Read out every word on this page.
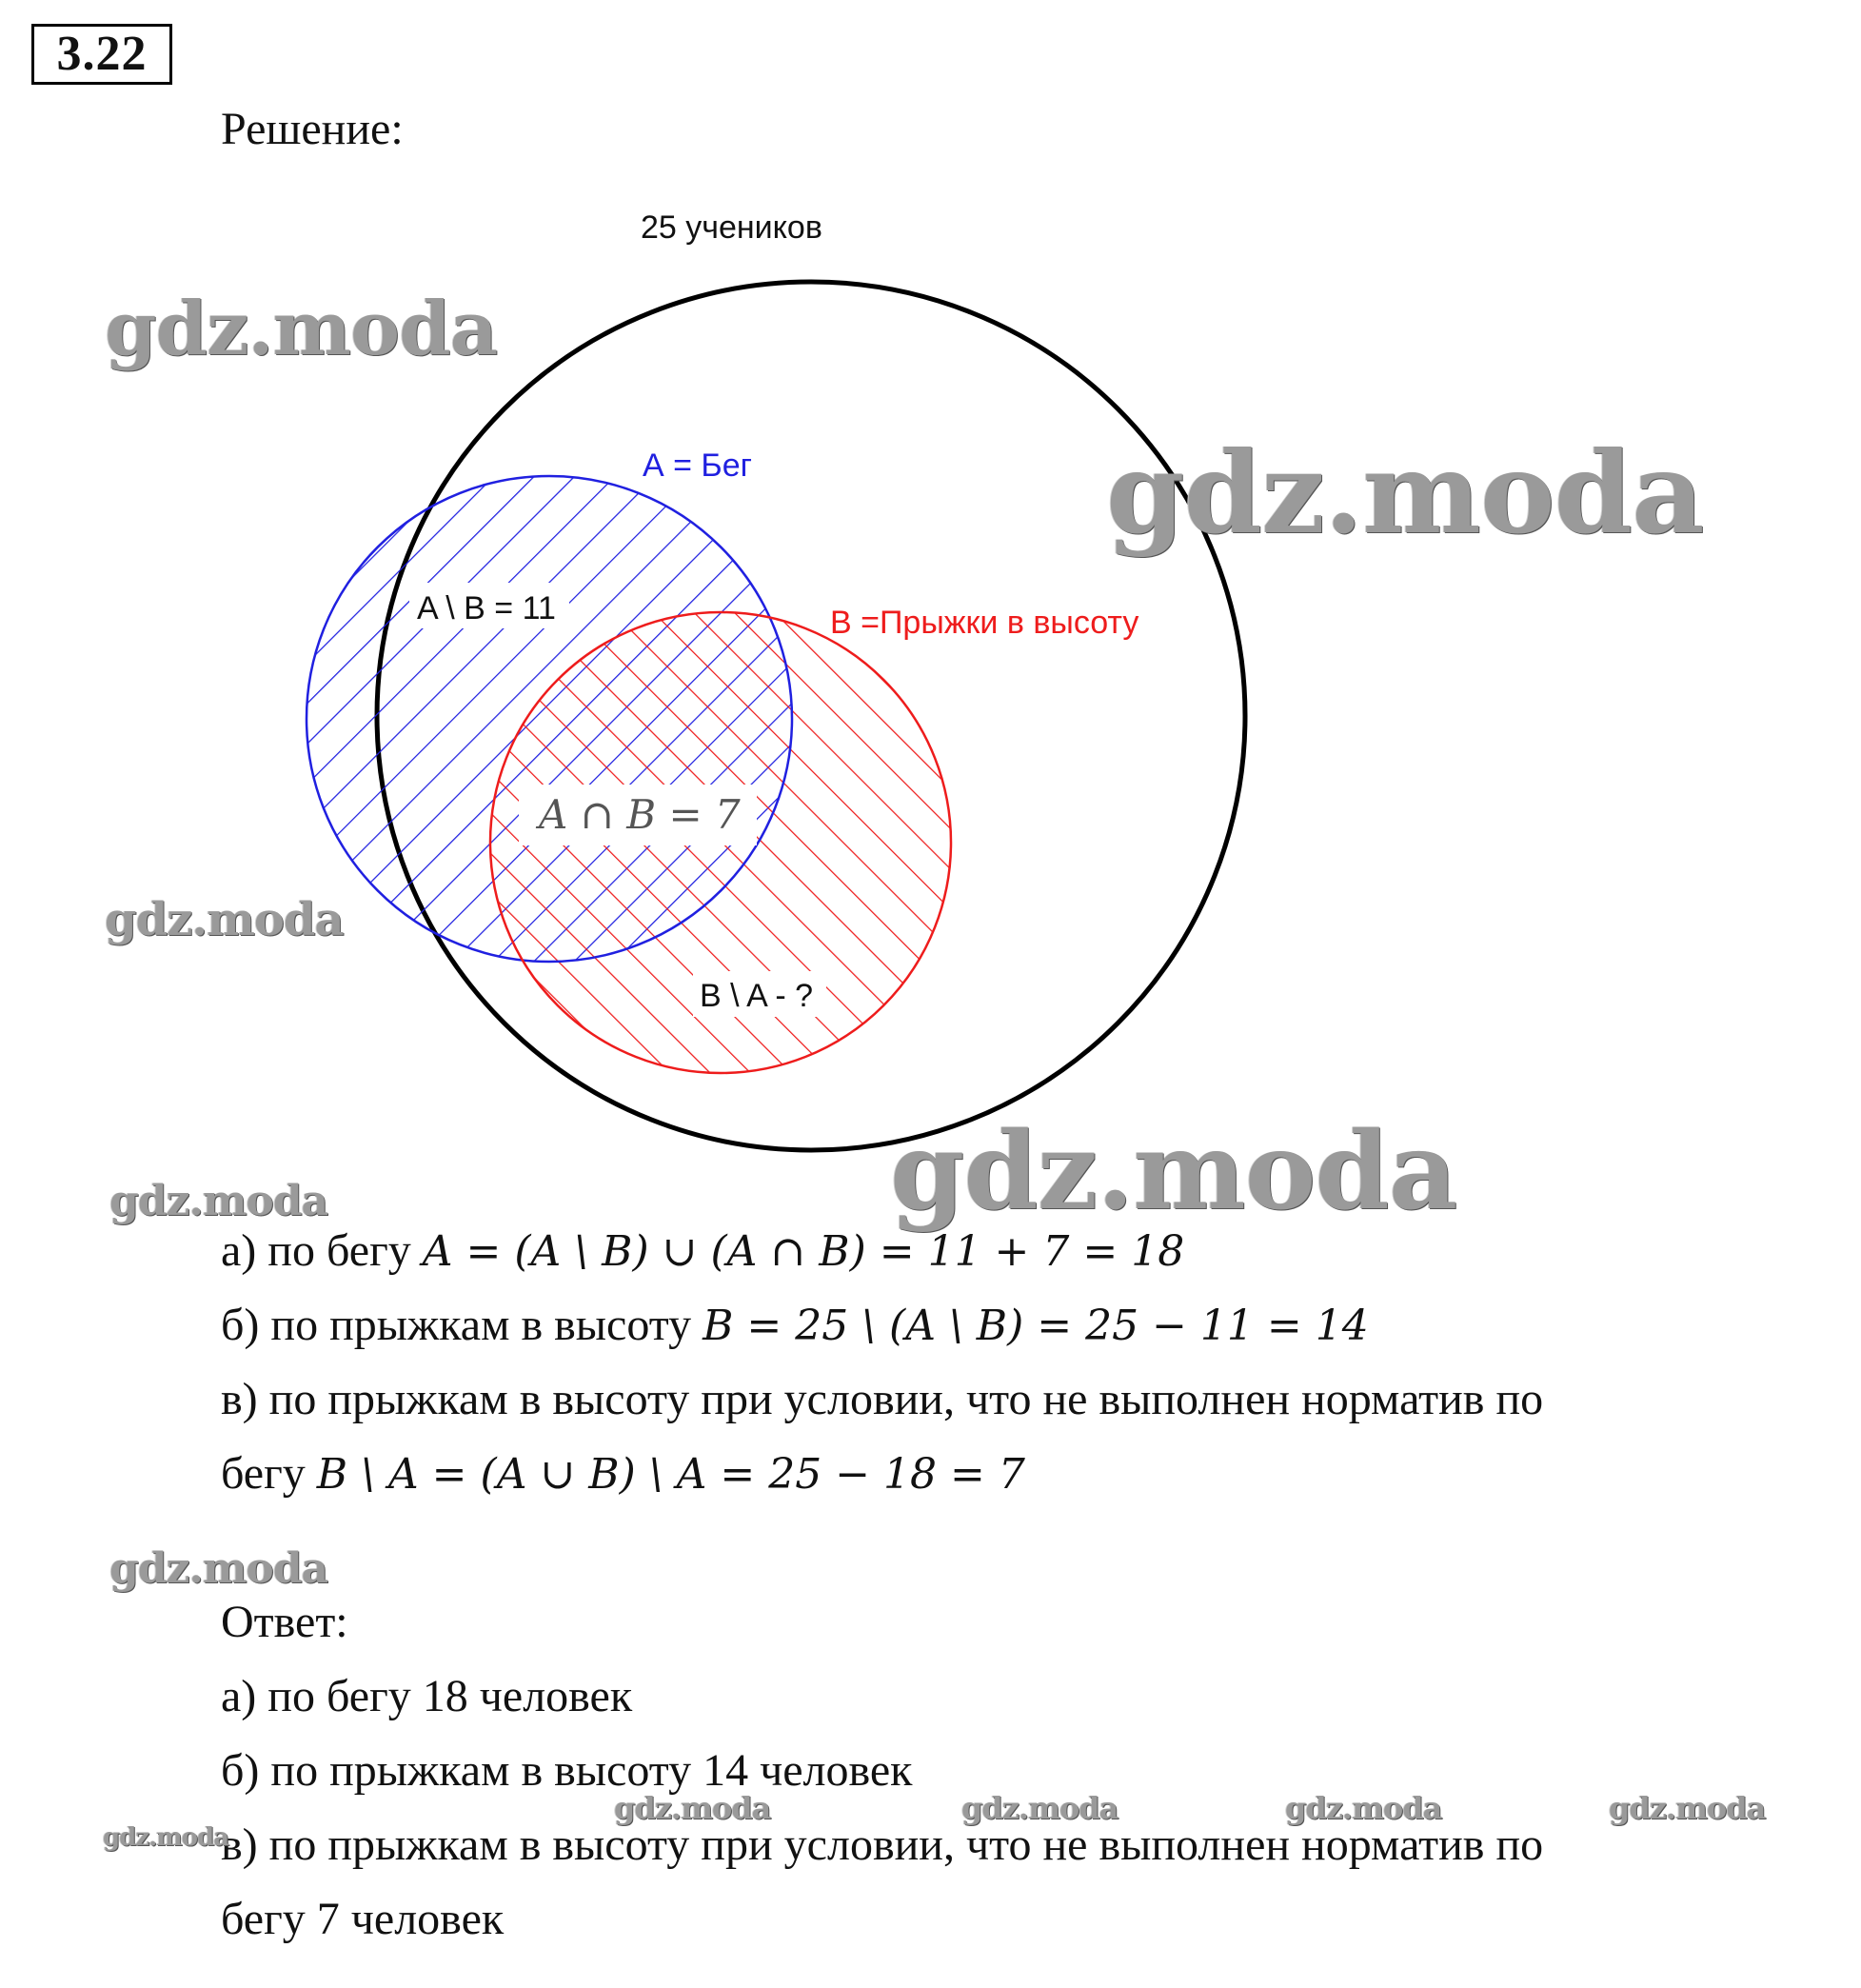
3.22
Решение:
25 учеников
А = Бег
В =Прыжки в высоту
A \ B = 11
A ∩ B = 7
B \ A - ?
а) по бегу A = (A \ B) ∪ (A ∩ B) = 11 + 7 = 18
б) по прыжкам в высоту B = 25 \ (A \ B) = 25 − 11 = 14
в) по прыжкам в высоту при условии, что не выполнен норматив по
бегу B \ A = (A ∪ B) \ A = 25 − 18 = 7
Ответ:
а) по бегу 18 человек
б) по прыжкам в высоту 14 человек
в) по прыжкам в высоту при условии, что не выполнен норматив по
бегу 7 человек
gdz.moda
gdz.moda
gdz.moda
gdz.moda
gdz.moda
gdz.moda
gdz.moda
gdz.moda	gdz.moda	gdz.moda	gdz.moda
